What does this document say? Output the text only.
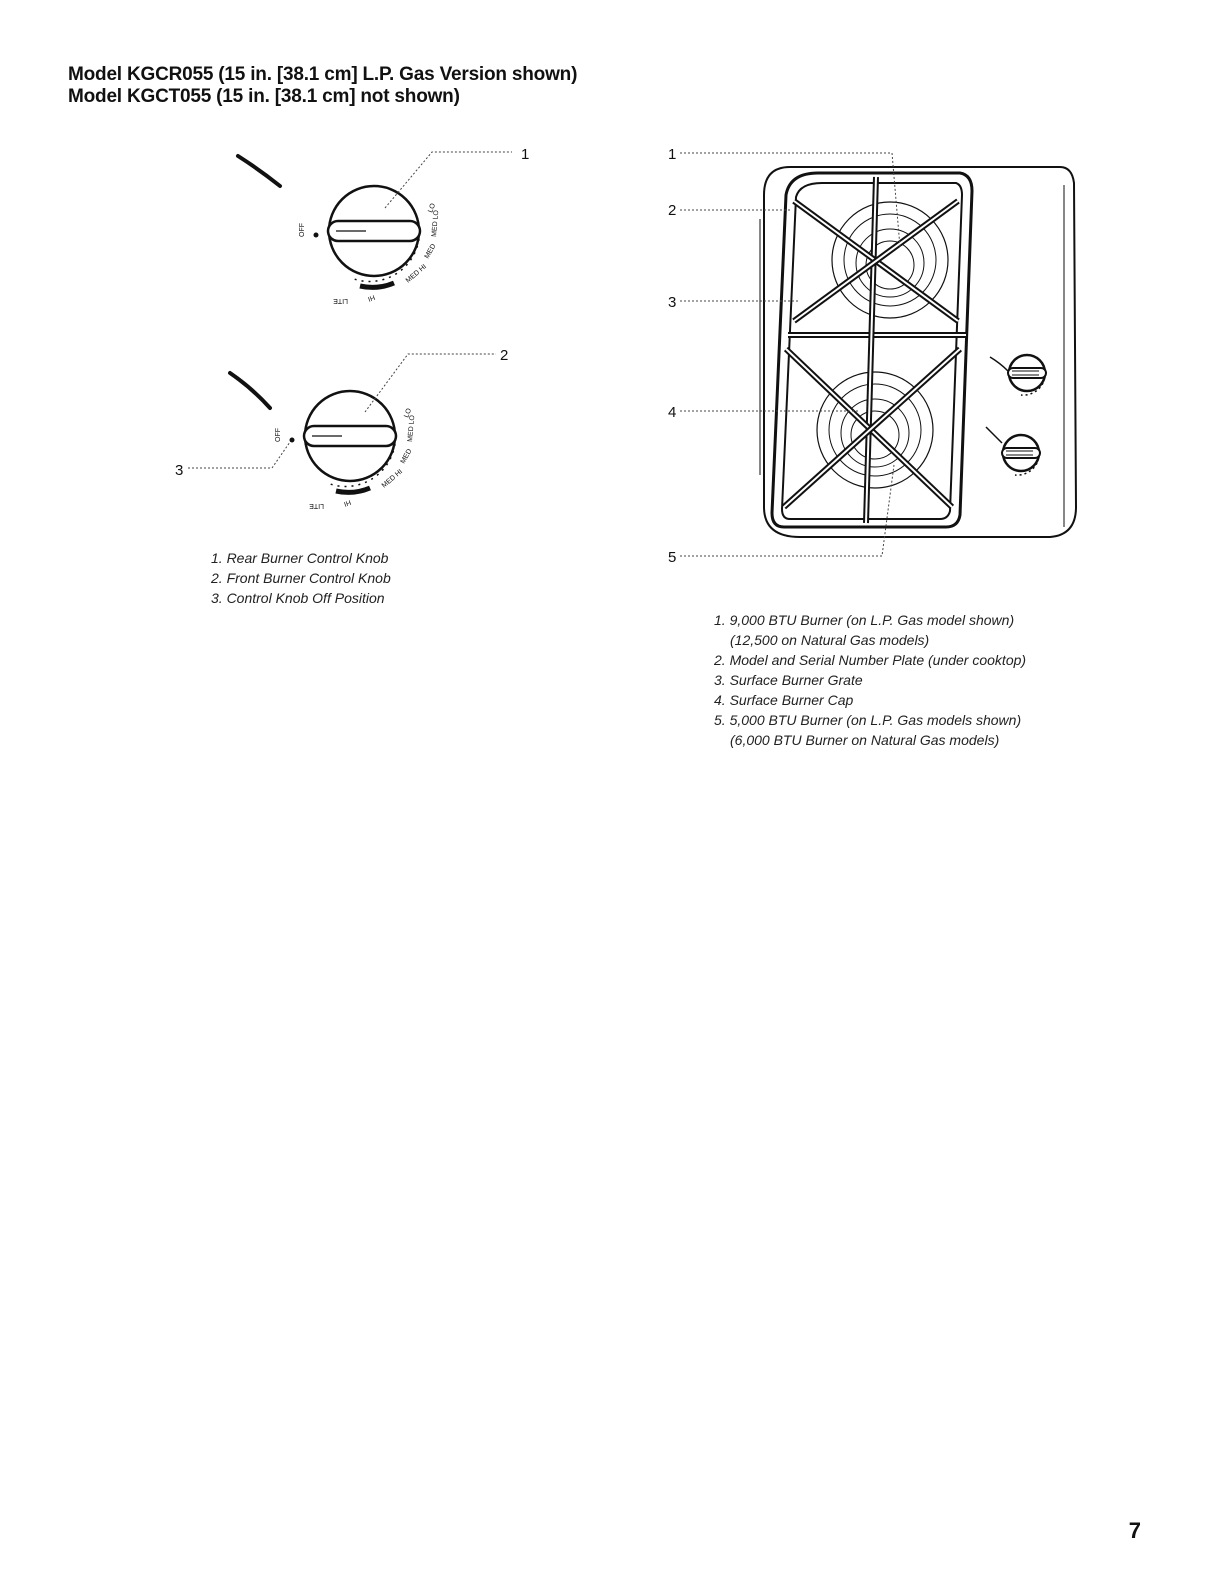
Model KGCR055 (15 in. [38.1 cm] L.P. Gas Version shown)
Model KGCT055 (15 in. [38.1 cm] not shown)
OFF
LO
MED LO
MED
MED HI
LITE	HI
1
OFF
LO
MED LO
MED
MED HI
LITE	HI
2
3
1. Rear Burner Control Knob
2. Front Burner Control Knob
3. Control Knob Off Position
1
2
3
4
5
1. 9,000 BTU Burner (on L.P. Gas model shown)
(12,500 on Natural Gas models)
2. Model and Serial Number Plate (under cooktop)
3. Surface Burner Grate
4. Surface Burner Cap
5. 5,000 BTU Burner (on L.P. Gas models shown)
(6,000 BTU Burner on Natural Gas models)
7
